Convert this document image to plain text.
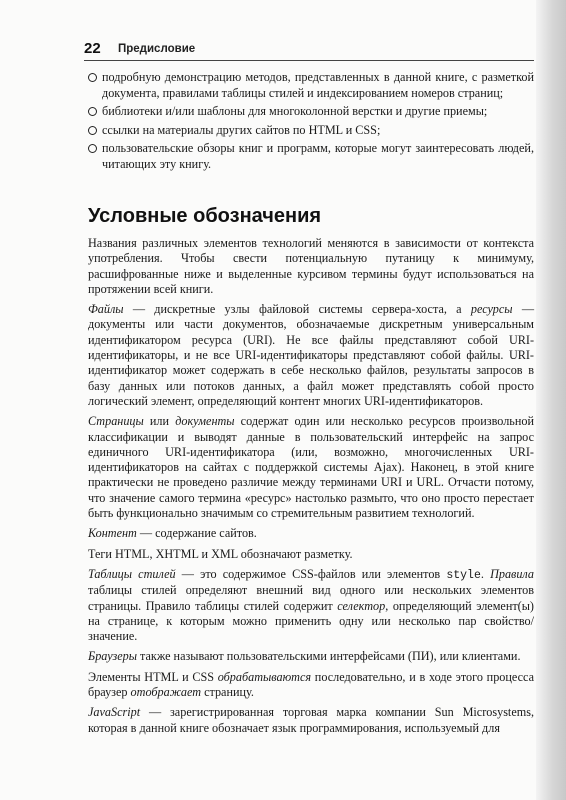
22 Предисловие
подробную демонстрацию методов, представленных в данной книге, с разметкой документа, правилами таблицы стилей и индексированием номеров страниц;
библиотеки и/или шаблоны для многоколонной верстки и другие приемы;
ссылки на материалы других сайтов по HTML и CSS;
пользовательские обзоры книг и программ, которые могут заинтересовать людей, читающих эту книгу.
Условные обозначения

Названия различных элементов технологий меняются в зависимости от контекста употребления. Чтобы свести потенциальную путаницу к минимуму, расшифрованные ниже и выделенные курсивом термины будут использоваться на протяжении всей книги.

Файлы — дискретные узлы файловой системы сервера-хоста, а ресурсы — документы или части документов, обозначаемые дискретным универсальным идентификатором ресурса (URI). Не все файлы представляют собой URI-идентификаторы, и не все URI-идентификаторы представляют собой файлы. URI-идентификатор может содержать в себе несколько файлов, результаты запросов в базу данных или потоков данных, а файл может представлять собой просто логический элемент, определяющий контент многих URI-идентификаторов.

Страницы или документы содержат один или несколько ресурсов произвольной классификации и выводят данные в пользовательский интерфейс на запрос единичного URI-идентификатора (или, возможно, многочисленных URI-идентификаторов на сайтах с поддержкой системы Ajax). Наконец, в этой книге практически не проведено различие между терминами URI и URL. Отчасти потому, что значение самого термина «ресурс» настолько размыто, что оно просто перестает быть функционально значимым со стремительным развитием технологий.

Контент — содержание сайтов.

Теги HTML, XHTML и XML обозначают разметку.

Таблицы стилей — это содержимое CSS-файлов или элементов style. Правила таблицы стилей определяют внешний вид одного или нескольких элементов страницы. Правило таблицы стилей содержит селектор, определяющий элемент(ы) на странице, к которым можно применить одну или несколько пар свойство/значение.

Браузеры также называют пользовательскими интерфейсами (ПИ), или клиентами.

Элементы HTML и CSS обрабатываются последовательно, и в ходе этого процесса браузер отображает страницу.

JavaScript — зарегистрированная торговая марка компании Sun Microsystems, которая в данной книге обозначает язык программирования, используемый для
